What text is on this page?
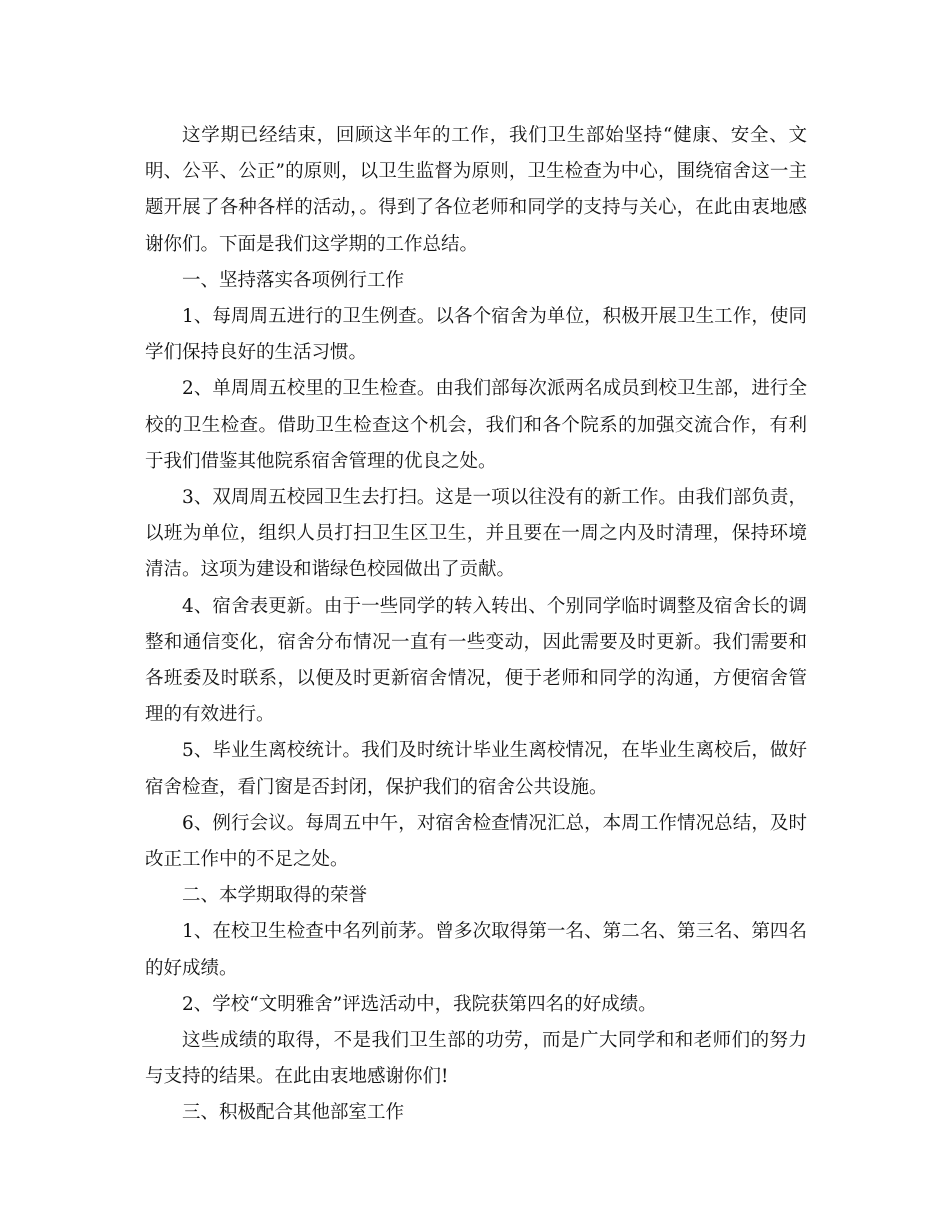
这学期已经结束，回顾这半年的工作，我们卫生部始坚持“健康、安全、文明、公平、公正”的原则，以卫生监督为原则，卫生检查为中心，围绕宿舍这一主题开展了各种各样的活动，。得到了各位老师和同学的支持与关心，在此由衷地感谢你们。下面是我们这学期的工作总结。

一、坚持落实各项例行工作

1、每周周五进行的卫生例查。以各个宿舍为单位，积极开展卫生工作，使同学们保持良好的生活习惯。

2、单周周五校里的卫生检查。由我们部每次派两名成员到校卫生部，进行全校的卫生检查。借助卫生检查这个机会，我们和各个院系的加强交流合作，有利于我们借鉴其他院系宿舍管理的优良之处。

3、双周周五校园卫生去打扫。这是一项以往没有的新工作。由我们部负责，以班为单位，组织人员打扫卫生区卫生，并且要在一周之内及时清理，保持环境清洁。这项为建设和谐绿色校园做出了贡献。

4、宿舍表更新。由于一些同学的转入转出、个别同学临时调整及宿舍长的调整和通信变化，宿舍分布情况一直有一些变动，因此需要及时更新。我们需要和各班委及时联系，以便及时更新宿舍情况，便于老师和同学的沟通，方便宿舍管理的有效进行。

5、毕业生离校统计。我们及时统计毕业生离校情况，在毕业生离校后，做好宿舍检查，看门窗是否封闭，保护我们的宿舍公共设施。

6、例行会议。每周五中午，对宿舍检查情况汇总，本周工作情况总结，及时改正工作中的不足之处。

二、本学期取得的荣誉

1、在校卫生检查中名列前茅。曾多次取得第一名、第二名、第三名、第四名的好成绩。

2、学校“文明雅舍”评选活动中，我院获第四名的好成绩。

这些成绩的取得，不是我们卫生部的功劳，而是广大同学和和老师们的努力与支持的结果。在此由衷地感谢你们!

三、积极配合其他部室工作
